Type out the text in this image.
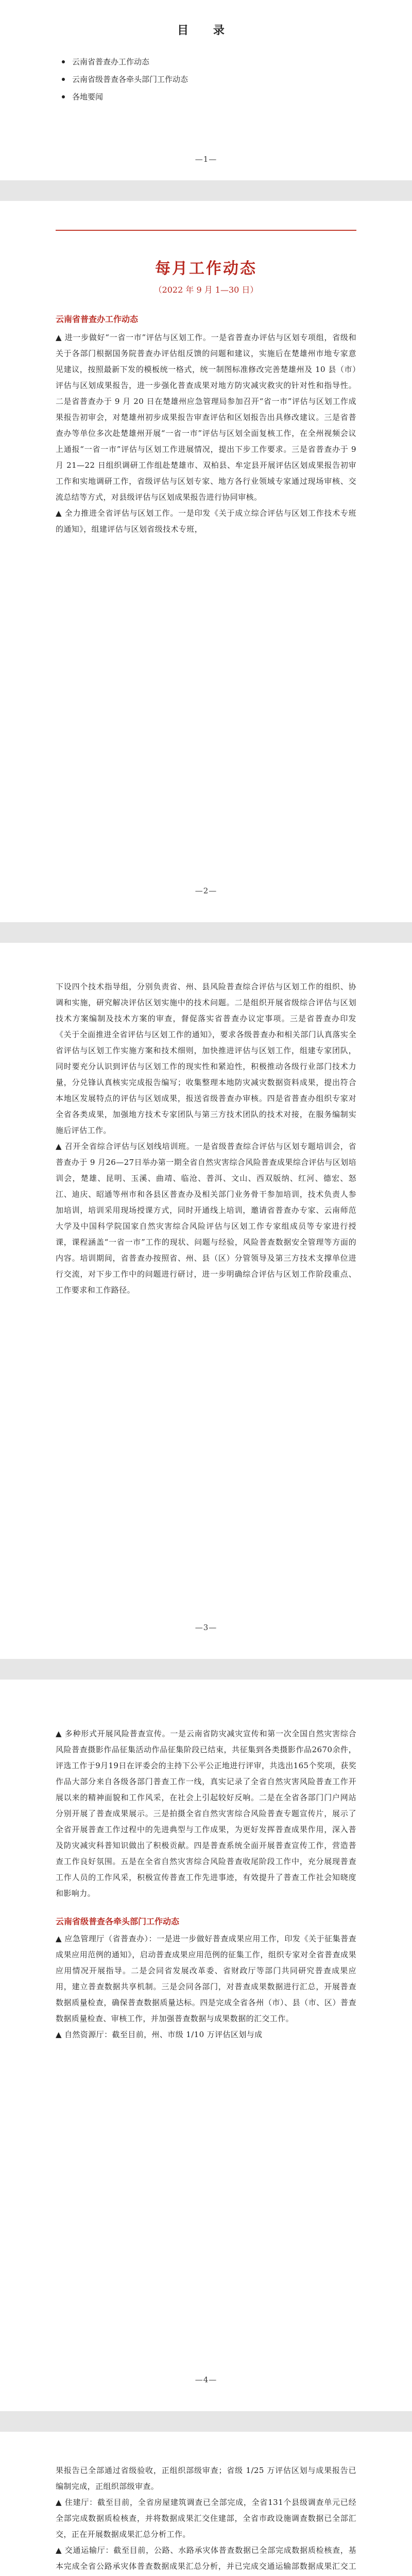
目 录
云南省普查办工作动态
云南省级普查各牵头部门工作动态
各地要闻
—1—
每月工作动态
（2022 年 9 月 1—30 日）
云南省普查办工作动态

▲ 进一步做好“一省一市”评估与区划工作。一是省普查办评估与区划专项组，省级和关于各部门根据国务院普查办评估组反馈的问题和建议，实施后在楚雄州市地专家意见建议，按照最新下发的模板统一格式，统一制图标准修改完善楚雄州及 10 县（市）评估与区划成果报告，进一步强化普查成果对地方防灾减灾救灾的针对性和指导性。二是省普查办于 9 月 20 日在楚雄州应急管理局参加召开“省一市”评估与区划工作成果报告初审会，对楚雄州初步成果报告审查评估和区划报告出具修改建议。三是省普查办等单位多次赴楚雄州开展“一省一市”评估与区划全面复核工作，在全州视频会议上通报“一省一市”评估与区划工作进展情况，提出下步工作要求。三是省普查办于 9 月 21—22 日组织调研工作组赴楚雄市、双柏县、牟定县开展评估区划成果报告初审工作和实地调研工作，省级评估与区划专家、地方各行业领域专家通过现场审核、交流总结等方式，对县级评估与区划成果报告进行协同审核。

▲ 全力推进全省评估与区划工作。一是印发《关于成立综合评估与区划工作技术专班的通知》，组建评估与区划省级技术专班，

—2—

下设四个技术指导组，分别负责省、州、县风险普查综合评估与区划工作的组织、协调和实施，研究解决评估区划实施中的技术问题。二是组织开展省级综合评估与区划技术方案编制及技术方案的审查，督促落实省普查办议定事项。三是省普查办印发《关于全面推进全省评估与区划工作的通知》，要求各级普查办和相关部门认真落实全省评估与区划工作实施方案和技术细则，加快推进评估与区划工作，组建专家团队，同时要充分认识到评估与区划工作的现实性和紧迫性，积极推动各级行业部门技术力量，分兑锋认真核实完成报告编写；收集整理本地防灾减灾数据资料成果，提出符合本地区发展特点的评估与区划成果，报送省级普查办审核。四是省普查办组织专家对全省各类成果，加强地方技术专家团队与第三方技术团队的技术对接，在服务编制实施后评估工作。

▲ 召开全省综合评估与区划线培训班。一是省级普查综合评估与区划专题培训会，省普查办于 9 月26—27日举办第一期全省自然灾害综合风险普查成果综合评估与区划培训会，楚雄、昆明、玉溪、曲靖、临沧、普洱、文山、西双版纳、红河、德宏、怒江、迪庆、昭通等州市和各县区普查办及相关部门业务骨干参加培训，技术负责人参加培训，培训采用现场授课方式，同时开通线上培训，邀请省普查办专家、云南师范大学及中国科学院国家自然灾害综合风险评估与区划工作专家组成员等专家进行授课，课程涵盖“一省一市”工作的现状、问题与经验，风险普查数据安全管理等方面的内容。培训期间，省普查办按照省、州、县（区）分管领导及第三方技术支撑单位进行交流，对下步工作中的问题进行研讨，进一步明确综合评估与区划工作阶段重点、工作要求和工作路径。

—3—

▲ 多种形式开展风险普查宣传。一是云南省防灾减灾宣传和第一次全国自然灾害综合风险普查摄影作品征集活动作品征集阶段已结束，共征集到各类摄影作品2670余件，评选工作于9月19日在评委会的主持下公平公正地进行评审，共选出165个奖项，获奖作品大部分来自各级各部门普查工作一线，真实记录了全省自然灾害风险普查工作开展以来的精神面貌和工作风采，在社会上引起较好反响。二是在全省各部门门户网站分别开展了普查成果展示。三是拍摄全省自然灾害综合风险普查专题宣传片，展示了全省开展普查工作过程中的先进典型与工作成果，为更好发挥普查成果作用，深入普及防灾减灾科普知识做出了积极贡献。四是普查系统全面开展普查宣传工作，营造普查工作良好氛围。五是在全省自然灾害综合风险普查收尾阶段工作中，充分展现普查工作人员的工作风采，积极宣传普查工作先进事迹，有效提升了普查工作社会知晓度和影响力。

云南省级普查各牵头部门工作动态

▲ 应急管理厅（省普查办）：一是进一步做好普查成果应用工作，印发《关于征集普查成果应用范例的通知》，启动普查成果应用范例的征集工作，组织专家对全省普查成果应用情况开展指导。二是会同省发展改革委、省财政厅等部门共同研究普查成果应用，建立普查数据共享机制。三是会同各部门，对普查成果数据进行汇总，开展普查数据质量检查，确保普查数据质量达标。四是完成全省各州（市）、县（市、区）普查数据质量检查、审核工作，并加强普查数据与成果数据的汇交工作。

▲ 自然资源厅：截至目前，州、市级 1/10 万评估区划与成

—4—

果报告已全部通过省级验收，正组织部级审查；省级 1/25 万评估区划与成果报告已编制完成，正组织部级审查。

▲ 住建厅：截至目前，全省房屋建筑调查已全部完成，全省131个县级调查单元已经全部完成数据质检核查，并将数据成果汇交住建部，全省市政设施调查数据已全部汇交，正在开展数据成果汇总分析工作。

▲ 交通运输厅：截至目前，公路、水路承灾体普查数据已全部完成数据质检核查，基本完成全省公路承灾体普查数据成果汇总分析，并已完成交通运输部数据成果汇交工
